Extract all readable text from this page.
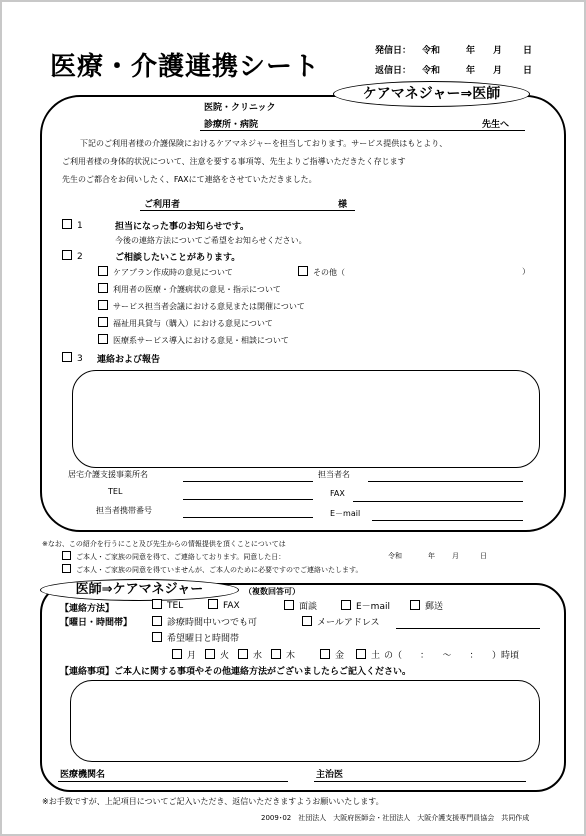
医療・介護連携シート
発信日： 令和	年 月 日
返信日： 令和	年 月 日
ケアマネジャー⇒医師
医院・クリニック
診療所・病院	先生へ
下記のご利用者様の介護保険におけるケアマネジャーを担当しております。サービス提供はもとより、
ご利用者様の身体的状況について、注意を要する事項等、先生よりご指導いただきたく存じます
先生のご都合をお伺いしたく、FAXにて連絡をさせていただきました。
ご利用者	様
1	担当になった事のお知らせです。
今後の連絡方法についてご希望をお知らせください。
2	ご相談したいことがあります。
ケアプラン作成時の意見について	その他（	）
利用者の医療・介護病状の意見・指示について
サービス担当者会議における意見または開催について
福祉用具貸与（購入）における意見について
医療系サービス導入における意見・相談について
3 連絡および報告
居宅介護支援事業所名	担当者名
TEL	FAX
担当者携帯番号	E－mail
※なお、この紹介を行うにこと及び先生からの情報提供を頂くことについては
ご本人・ご家族の同意を得て、ご連絡しております。同意した日：	令和	年 月	日
ご本人・ご家族の同意を得ていませんが、ご本人のために必要ですのでご連絡いたします。
医師⇒ケアマネジャー	（複数回答可）
【連絡方法】	TEL	FAX	面談	E－mail	郵送
【曜日・時間帯】	診療時間中いつでも可	メールアドレス
希望曜日と時間帯
月	火	水	木	金	土 の（　　：　　～　　：　　）時頃
【連絡事項】ご本人に関する事項やその他連絡方法がございましたらご記入ください。
医療機関名	主治医
※お手数ですが、上記項目についてご記入いただき、返信いただきますようお願いいたします。
2009･02　社団法人　大阪府医師会・社団法人　大阪介護支援専門員協会　共同作成
